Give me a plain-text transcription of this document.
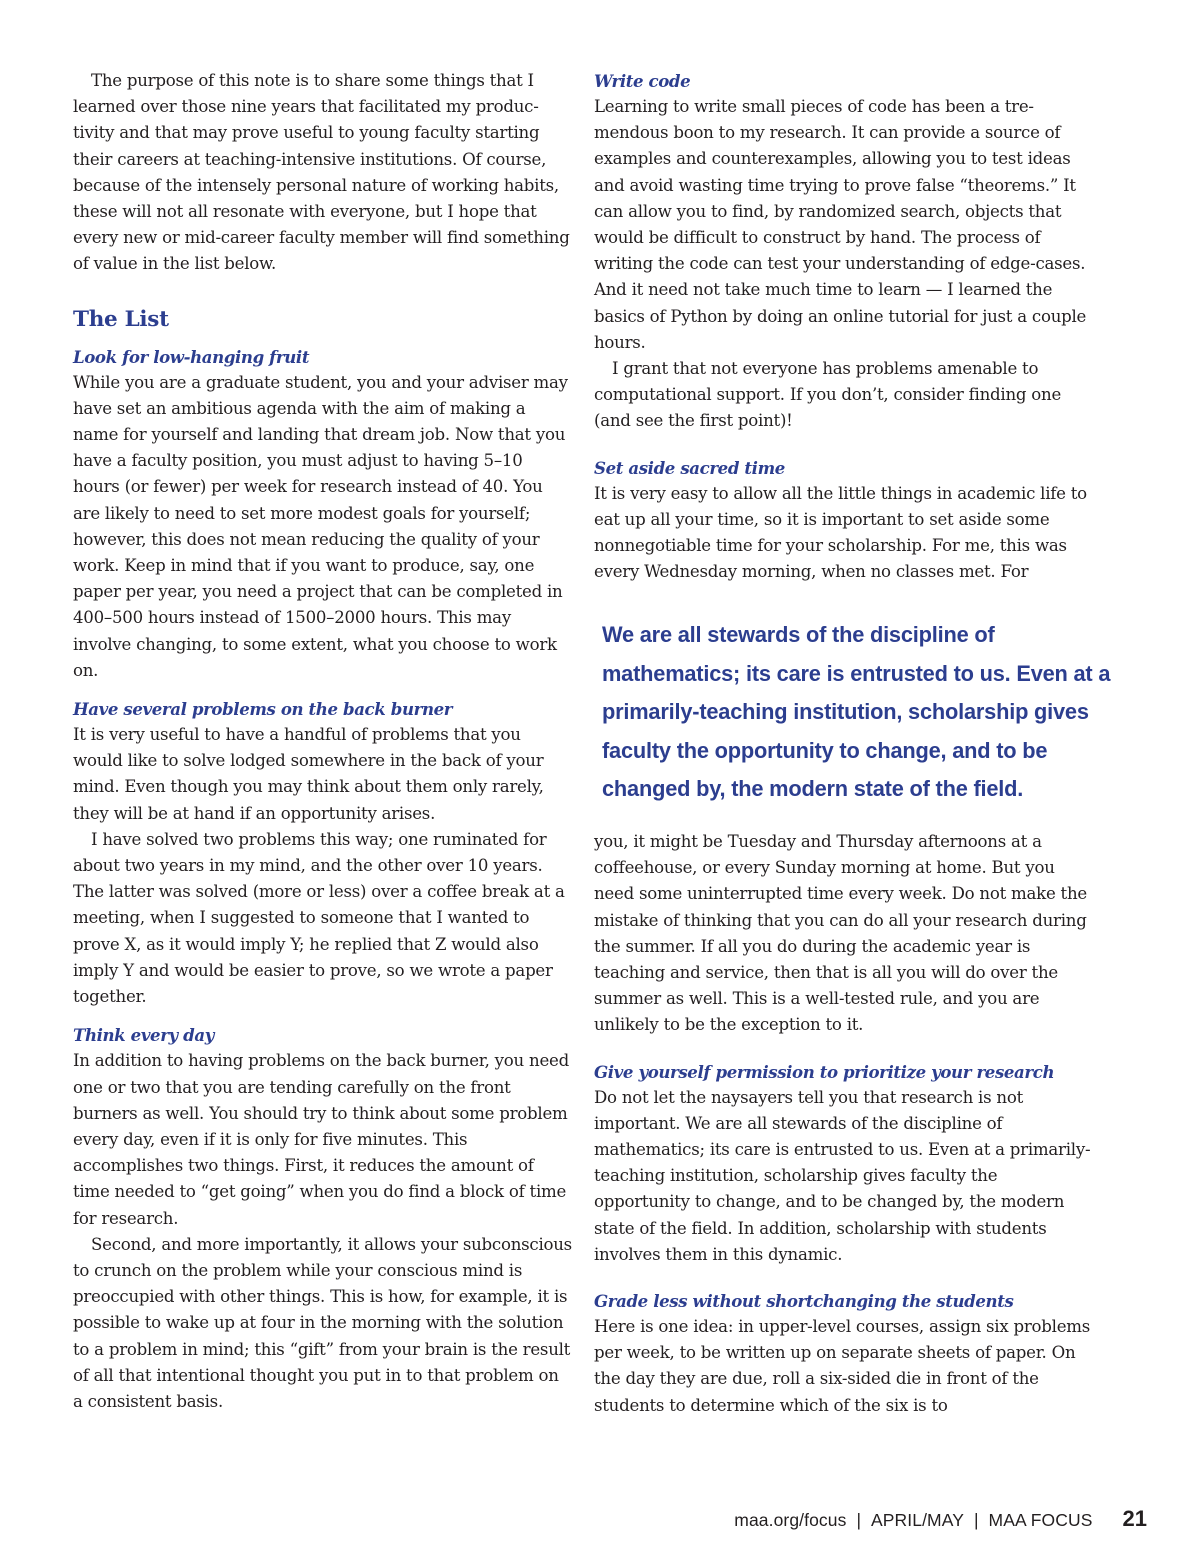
The purpose of this note is to share some things that I learned over those nine years that facilitated my productivity and that may prove useful to young faculty starting their careers at teaching-intensive institutions. Of course, because of the intensely personal nature of working habits, these will not all resonate with everyone, but I hope that every new or mid-career faculty member will find something of value in the list below.

The List
Look for low-hanging fruit

While you are a graduate student, you and your adviser may have set an ambitious agenda with the aim of making a name for yourself and landing that dream job. Now that you have a faculty position, you must adjust to having 5–10 hours (or fewer) per week for research instead of 40. You are likely to need to set more modest goals for yourself; however, this does not mean reducing the quality of your work. Keep in mind that if you want to produce, say, one paper per year, you need a project that can be completed in 400–500 hours instead of 1500–2000 hours. This may involve changing, to some extent, what you choose to work on.

Have several problems on the back burner

It is very useful to have a handful of problems that you would like to solve lodged somewhere in the back of your mind. Even though you may think about them only rarely, they will be at hand if an opportunity arises.

I have solved two problems this way; one ruminated for about two years in my mind, and the other over 10 years. The latter was solved (more or less) over a coffee break at a meeting, when I suggested to someone that I wanted to prove X, as it would imply Y; he replied that Z would also imply Y and would be easier to prove, so we wrote a paper together.

Think every day

In addition to having problems on the back burner, you need one or two that you are tending carefully on the front burners as well. You should try to think about some problem every day, even if it is only for five minutes. This accomplishes two things. First, it reduces the amount of time needed to “get going” when you do find a block of time for research.

Second, and more importantly, it allows your subconscious to crunch on the problem while your conscious mind is preoccupied with other things. This is how, for example, it is possible to wake up at four in the morning with the solution to a problem in mind; this “gift” from your brain is the result of all that intentional thought you put in to that problem on a consistent basis.

Write code

Learning to write small pieces of code has been a tremendous boon to my research. It can provide a source of examples and counterexamples, allowing you to test ideas and avoid wasting time trying to prove false “theorems.” It can allow you to find, by randomized search, objects that would be difficult to construct by hand. The process of writing the code can test your understanding of edge-cases. And it need not take much time to learn — I learned the basics of Python by doing an online tutorial for just a couple hours.

I grant that not everyone has problems amenable to computational support. If you don’t, consider finding one (and see the first point)!

Set aside sacred time

It is very easy to allow all the little things in academic life to eat up all your time, so it is important to set aside some nonnegotiable time for your scholarship. For me, this was every Wednesday morning, when no classes met. For

We are all stewards of the discipline of mathematics; its care is entrusted to us. Even at a primarily-teaching institution, scholarship gives faculty the opportunity to change, and to be changed by, the modern state of the field.

you, it might be Tuesday and Thursday afternoons at a coffeehouse, or every Sunday morning at home. But you need some uninterrupted time every week. Do not make the mistake of thinking that you can do all your research during the summer. If all you do during the academic year is teaching and service, then that is all you will do over the summer as well. This is a well-tested rule, and you are unlikely to be the exception to it.

Give yourself permission to prioritize your research

Do not let the naysayers tell you that research is not important. We are all stewards of the discipline of mathematics; its care is entrusted to us. Even at a primarily-teaching institution, scholarship gives faculty the opportunity to change, and to be changed by, the modern state of the field. In addition, scholarship with students involves them in this dynamic.

Grade less without shortchanging the students

Here is one idea: in upper-level courses, assign six problems per week, to be written up on separate sheets of paper. On the day they are due, roll a six-sided die in front of the students to determine which of the six is to

maa.org/focus | APRIL/MAY | MAA FOCUS 21
